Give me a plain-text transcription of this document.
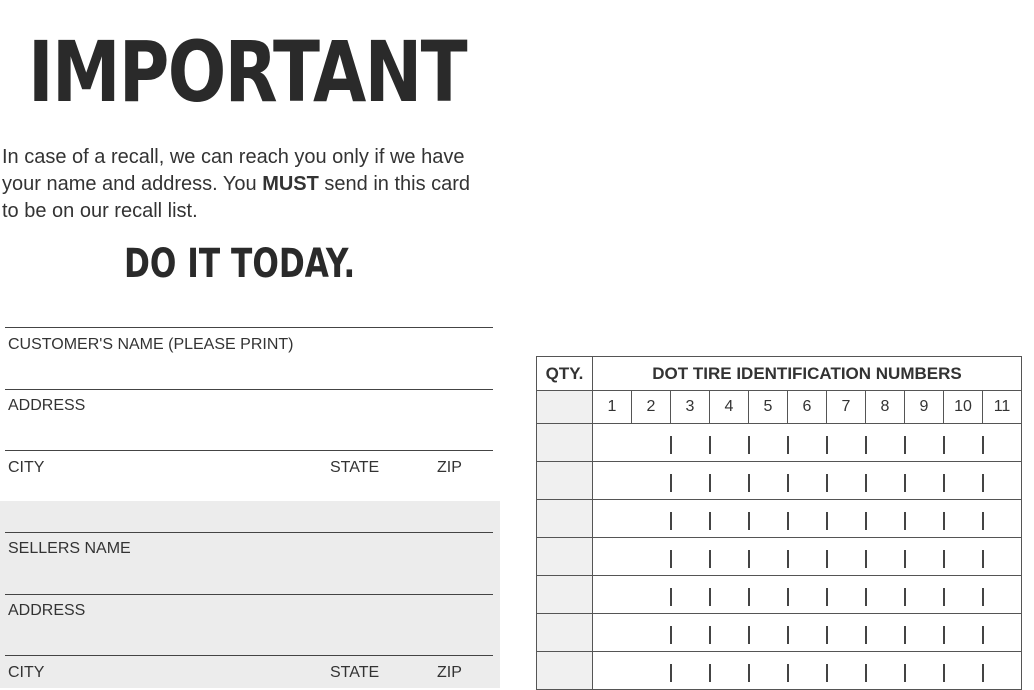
IMPORTANT
In case of a recall, we can reach you only if we have your name and address. You MUST send in this card to be on our recall list.
DO IT TODAY.
CUSTOMER'S NAME (PLEASE PRINT)
ADDRESS
CITY	STATE	ZIP
SELLERS NAME
ADDRESS
CITY	STATE	ZIP
QTY.	DOT TIRE IDENTIFICATION NUMBERS										
	1	2	3	4	5	6	7	8	9	10	11
